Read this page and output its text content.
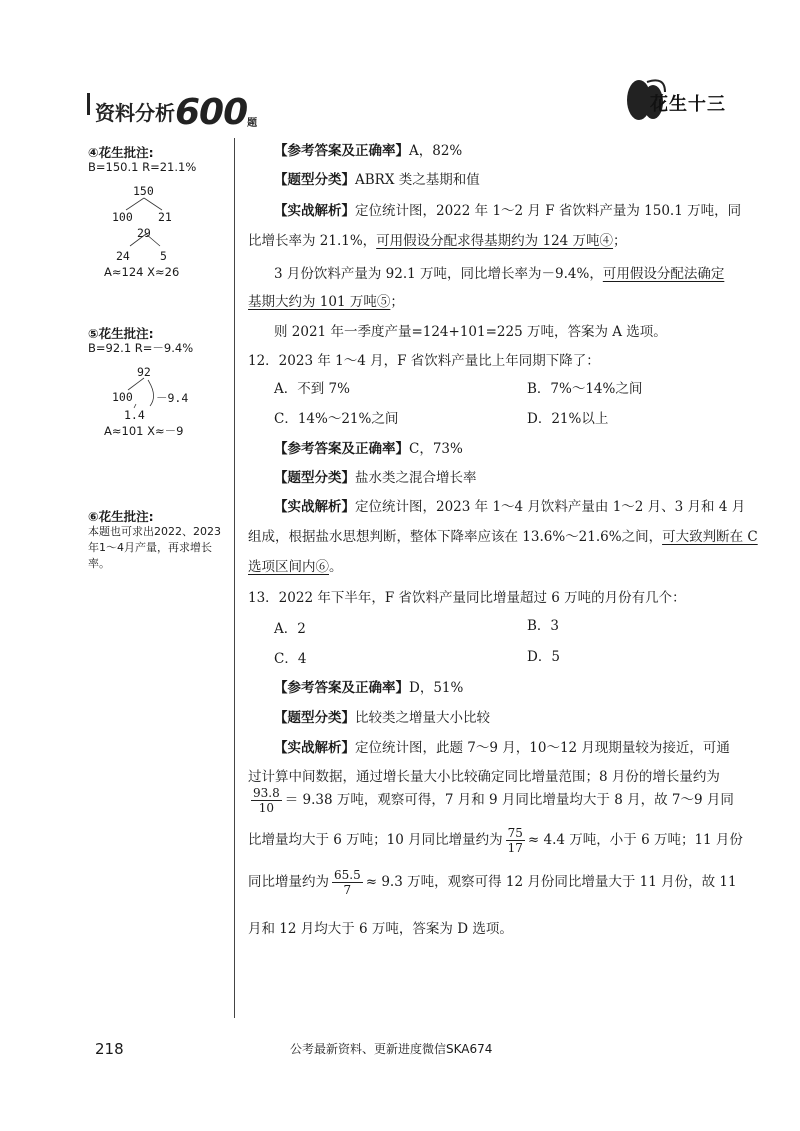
资料分析$600_题$
花生十三
④花生批注:
B=150.1 R=21.1%
150
100 21
29
24	5
A≈124 X≈26
⑤花生批注:
B=92.1 R=－9.4%
92
100 －9.4
1.4
A≈101 X≈－9
⑥花生批注:
本题也可求出2022、2023年1～4月产量，再求增长率。
【参考答案及正确率】A，82%
【题型分类】ABRX 类之基期和值
【实战解析】定位统计图，2022 年 1～2 月 F 省饮料产量为 150.1 万吨，同
比增长率为 21.1%，可用假设分配求得基期约为 124 万吨④；
3 月份饮料产量为 92.1 万吨，同比增长率为－9.4%，可用假设分配法确定
基期大约为 101 万吨⑤；
则 2021 年一季度产量=124+101=225 万吨，答案为 A 选项。
12．2023 年 1～4 月，F 省饮料产量比上年同期下降了：
A．不到 7%	B．7%～14%之间
C．14%～21%之间	D．21%以上
【参考答案及正确率】C，73%
【题型分类】盐水类之混合增长率
【实战解析】定位统计图，2023 年 1～4 月饮料产量由 1～2 月、3 月和 4 月
组成，根据盐水思想判断，整体下降率应该在 13.6%～21.6%之间，可大致判断在 C
选项区间内⑥。
13．2022 年下半年，F 省饮料产量同比增量超过 6 万吨的月份有几个：
A．2	B．3
C．4	D．5
【参考答案及正确率】D，51%
【题型分类】比较类之增量大小比较
【实战解析】定位统计图，此题 7～9 月，10～12 月现期量较为接近，可通
过计算中间数据，通过增长量大小比较确定同比增量范围；8 月份的增长量约为
$\frac{93.8}{10} = 9.38$ 万吨，观察可得，7 月和 9 月同比增量均大于 8 月，故 7～9 月同
比增量均大于 6 万吨；10 月同比增量约为 $\frac{75}{17} \approx 4.4$ 万吨，小于 6 万吨；11 月份
同比增量约为 $\frac{65.5}{7} \approx 9.3$ 万吨，观察可得 12 月份同比增量大于 11 月份，故 11
月和 12 月均大于 6 万吨，答案为 D 选项。
218	公考最新资料、更新进度微信SKA674
